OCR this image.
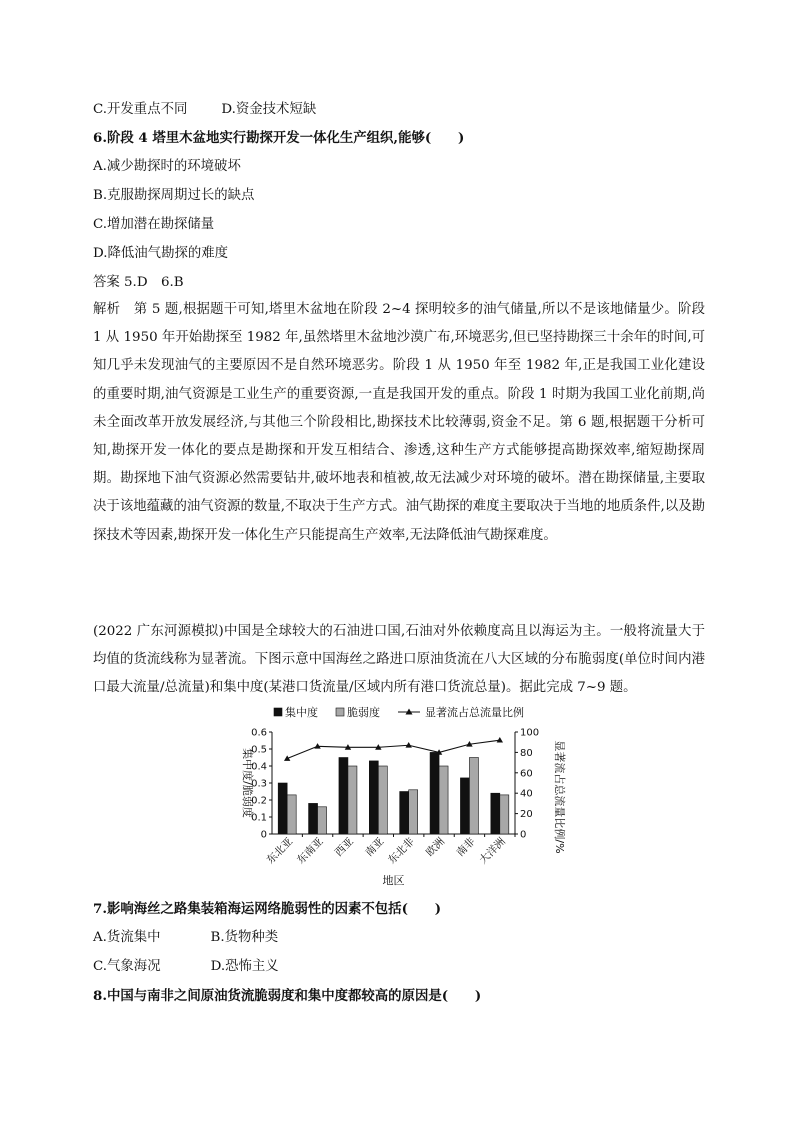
C.开发重点不同	D.资金技术短缺
6.阶段 4 塔里木盆地实行勘探开发一体化生产组织,能够(　　)
A.减少勘探时的环境破坏
B.克服勘探周期过长的缺点
C.增加潜在勘探储量
D.降低油气勘探的难度
答案 5.D　6.B

解析　第 5 题,根据题干可知,塔里木盆地在阶段 2~4 探明较多的油气储量,所以不是该地储量少。阶段 1 从 1950 年开始勘探至 1982 年,虽然塔里木盆地沙漠广布,环境恶劣,但已坚持勘探三十余年的时间,可知几乎未发现油气的主要原因不是自然环境恶劣。阶段 1 从 1950 年至 1982 年,正是我国工业化建设的重要时期,油气资源是工业生产的重要资源,一直是我国开发的重点。阶段 1 时期为我国工业化前期,尚未全面改革开放发展经济,与其他三个阶段相比,勘探技术比较薄弱,资金不足。第 6 题,根据题干分析可知,勘探开发一体化的要点是勘探和开发互相结合、渗透,这种生产方式能够提高勘探效率,缩短勘探周期。勘探地下油气资源必然需要钻井,破坏地表和植被,故无法减少对环境的破坏。潜在勘探储量,主要取决于该地蕴藏的油气资源的数量,不取决于生产方式。油气勘探的难度主要取决于当地的地质条件,以及勘探技术等因素,勘探开发一体化生产只能提高生产效率,无法降低油气勘探难度。

(2022 广东河源模拟)中国是全球较大的石油进口国,石油对外依赖度高且以海运为主。一般将流量大于均值的货流线称为显著流。下图示意中国海丝之路进口原油货流在八大区域的分布脆弱度(单位时间内港口最大流量/总流量)和集中度(某港口货流量/区域内所有港口货流总量)。据此完成 7~9 题。

集中度	脆弱度	显著流占总流量比例
0
0.1
0.2
0.3
0.4
0.5
0.6
0
20
40
60
80
100
集中度/脆弱度	显著流占总流量比例/%
东北亚 东南亚 西亚 南亚 东北非 欧洲 南非 大洋洲
地区
7.影响海丝之路集装箱海运网络脆弱性的因素不包括(　　)
A.货流集中	B.货物种类
C.气象海况	D.恐怖主义
8.中国与南非之间原油货流脆弱度和集中度都较高的原因是(　　)
